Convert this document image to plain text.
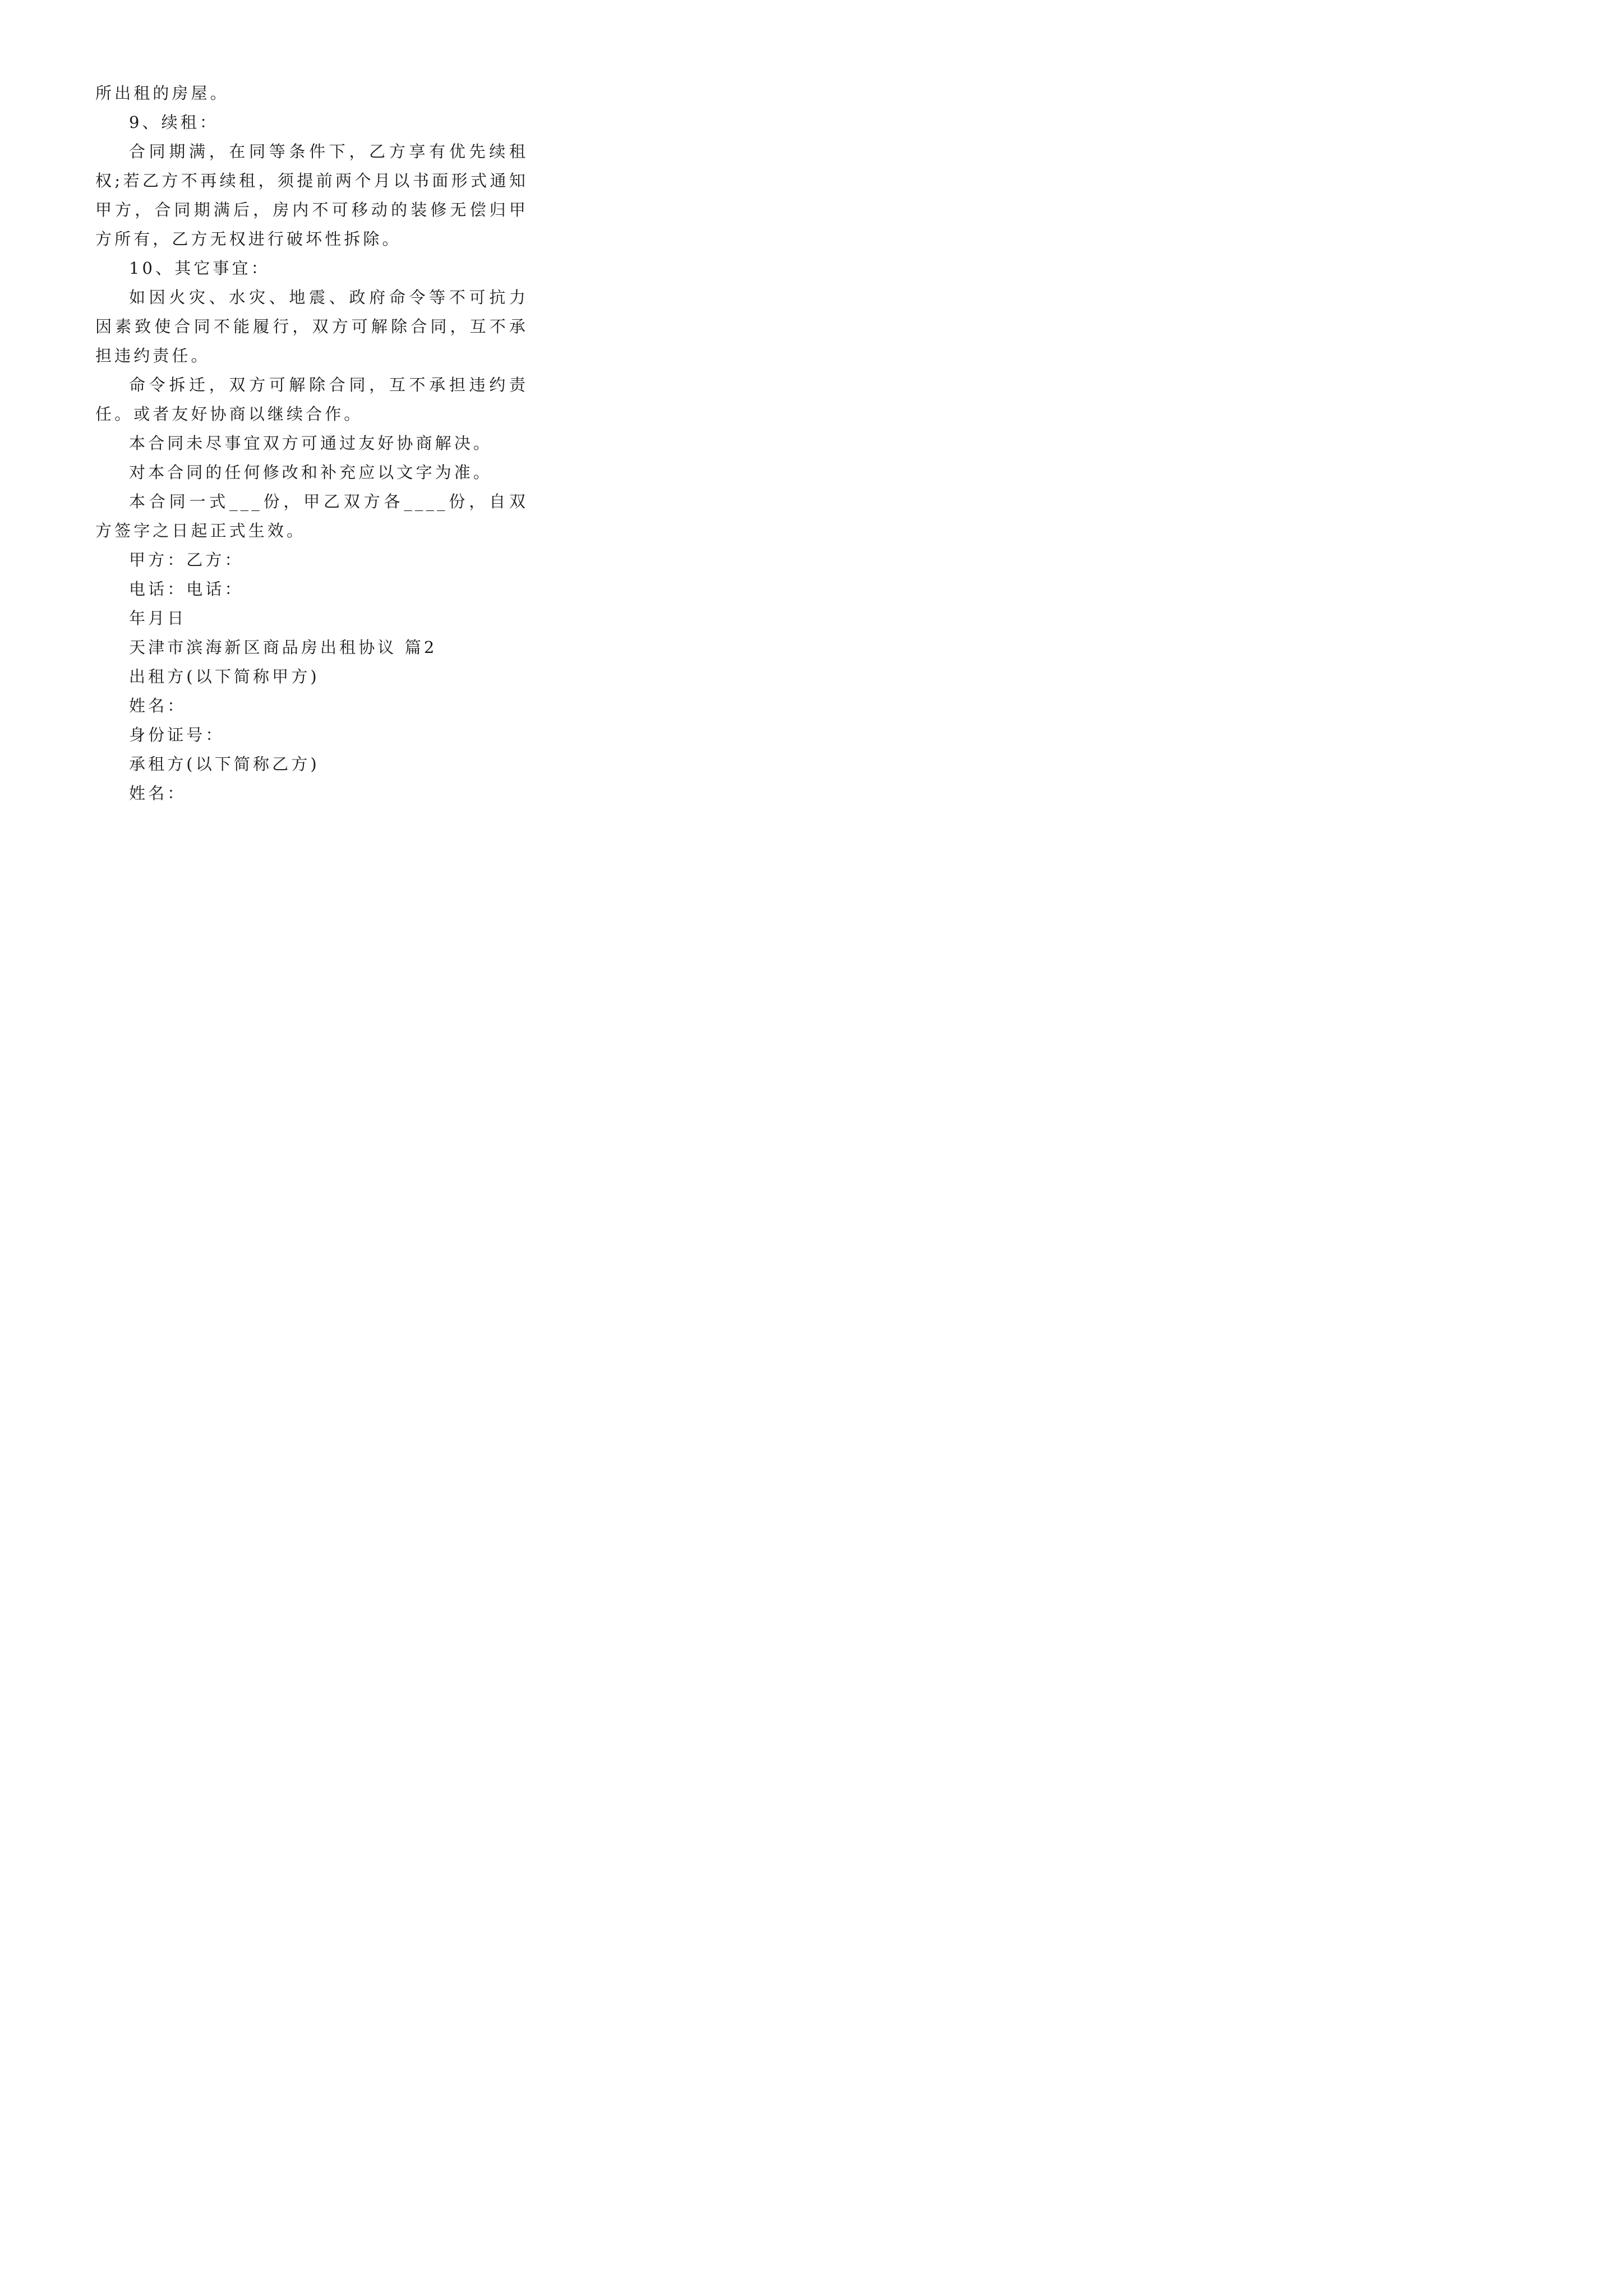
所出租的房屋。

9、续租：

合同期满，在同等条件下，乙方享有优先续租权;若乙方不再续租，须提前两个月以书面形式通知甲方，合同期满后，房内不可移动的装修无偿归甲方所有，乙方无权进行破坏性拆除。

10、其它事宜：

如因火灾、水灾、地震、政府命令等不可抗力因素致使合同不能履行，双方可解除合同，互不承担违约责任。

命令拆迁，双方可解除合同，互不承担违约责任。或者友好协商以继续合作。

本合同未尽事宜双方可通过友好协商解决。

对本合同的任何修改和补充应以文字为准。

本合同一式___份，甲乙双方各____份，自双方签字之日起正式生效。

甲方：乙方：

电话：电话：

年月日

天津市滨海新区商品房出租协议 篇2

出租方(以下简称甲方)

姓名：

身份证号：

承租方(以下简称乙方)

姓名：
